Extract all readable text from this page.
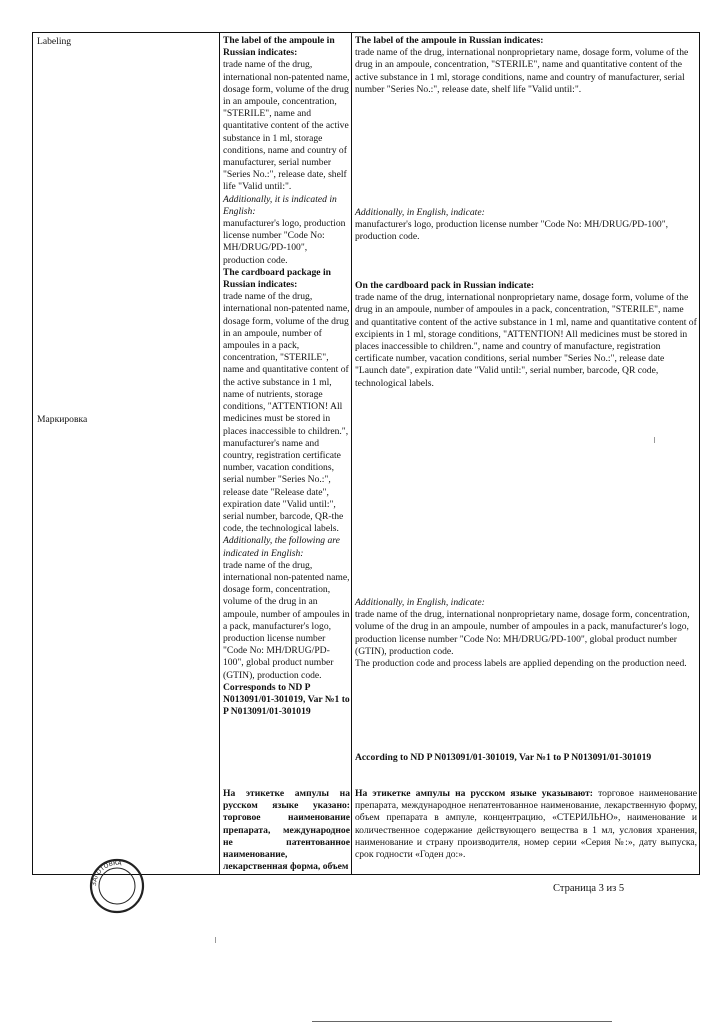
Labeling
Маркировка
The label of the ampoule in Russian indicates:
trade name of the drug, international non-patented name, dosage form, volume of the drug in an ampoule, concentration, "STERILE", name and quantitative content of the active substance in 1 ml, storage conditions, name and country of manufacturer, serial number "Series No.:", release date, shelf life "Valid until:".
Additionally, it is indicated in English:
manufacturer's logo, production license number "Code No: MH/DRUG/PD-100", production code.
The cardboard package in Russian indicates:
trade name of the drug, international non-patented name, dosage form, volume of the drug in an ampoule, number of ampoules in a pack, concentration, "STERILE", name and quantitative content of the active substance in 1 ml, name of nutrients, storage conditions, "ATTENTION! All medicines must be stored in places inaccessible to children.", manufacturer's name and country, registration certificate number, vacation conditions, serial number "Series No.:", release date "Release date", expiration date "Valid until:", serial number, barcode, QR-the code, the technological labels.
Additionally, the following are indicated in English:
trade name of the drug, international non-patented name, dosage form, concentration, volume of the drug in an ampoule, number of ampoules in a pack, manufacturer's logo, production license number "Code No: MH/DRUG/PD-100", global product number (GTIN), production code.
Corresponds to ND P N013091/01-301019, Var №1 to P N013091/01-301019
На этикетке ампулы на русском языке указано: торговое наименование препарата, международное не патентованное наименование, лекарственная форма, объем
The label of the ampoule in Russian indicates:
trade name of the drug, international nonproprietary name, dosage form, volume of the drug in an ampoule, concentration, "STERILE", name and quantitative content of the active substance in 1 ml, storage conditions, name and country of manufacturer, serial number "Series No.:", release date, shelf life "Valid until:".
Additionally, in English, indicate:
manufacturer's logo, production license number "Code No: MH/DRUG/PD-100", production code.
On the cardboard pack in Russian indicate:
trade name of the drug, international nonproprietary name, dosage form, volume of the drug in an ampoule, number of ampoules in a pack, concentration, "STERILE", name and quantitative content of the active substance in 1 ml, name and quantitative content of excipients in 1 ml, storage conditions, "ATTENTION! All medicines must be stored in places inaccessible to children.", name and country of manufacture, registration certificate number, vacation conditions, serial number "Series No.:", release date "Launch date", expiration date "Valid until:", serial number, barcode, QR code, technological labels.
Additionally, in English, indicate:
trade name of the drug, international nonproprietary name, dosage form, concentration, volume of the drug in an ampoule, number of ampoules in a pack, manufacturer's logo, production license number "Code No: MH/DRUG/PD-100", global product number (GTIN), production code.
The production code and process labels are applied depending on the production need.
According to ND P N013091/01-301019, Var №1 to P N013091/01-301019
На этикетке ампулы на русском языке указывают: торговое наименование препарата, международное непатентованное наименование, лекарственную форму, объем препарата в ампуле, концентрацию, «СТЕРИЛЬНО», наименование и количественное содержание действующего вещества в 1 мл, условия хранения, наименование и страну производителя, номер серии «Серия №:», дату выпуска, срок годности «Годен до:».
ЗАГОТОВКА
Страница 3 из 5
